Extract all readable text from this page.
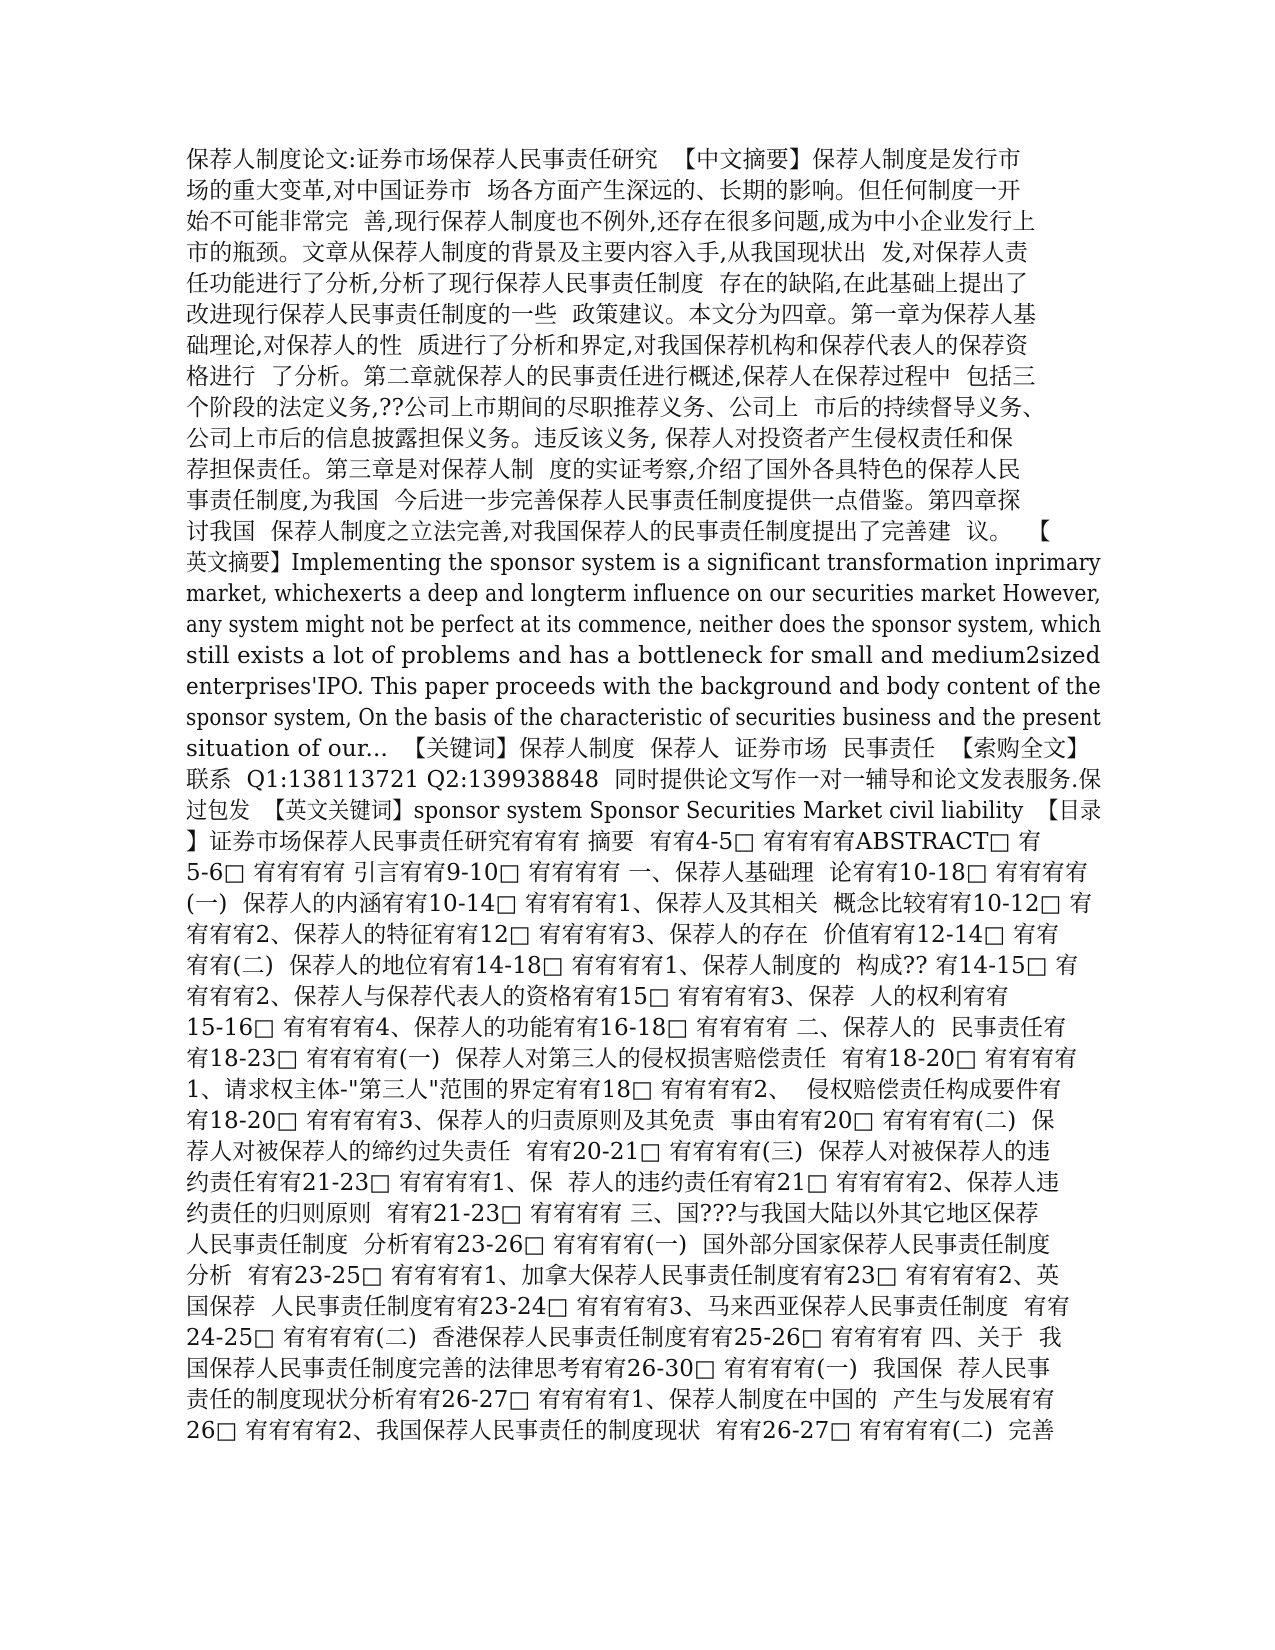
保荐人制度论文:证券市场保荐人民事责任研究  【中文摘要】保荐人制度是发行市
场的重大变革,对中国证券市  场各方面产生深远的、长期的影响。但任何制度一开
始不可能非常完  善,现行保荐人制度也不例外,还存在很多问题,成为中小企业发行上
市的瓶颈。文章从保荐人制度的背景及主要内容入手,从我国现状出  发,对保荐人责
任功能进行了分析,分析了现行保荐人民事责任制度  存在的缺陷,在此基础上提出了
改进现行保荐人民事责任制度的一些  政策建议。本文分为四章。第一章为保荐人基
础理论,对保荐人的性  质进行了分析和界定,对我国保荐机构和保荐代表人的保荐资
格进行  了分析。第二章就保荐人的民事责任进行概述,保荐人在保荐过程中  包括三
个阶段的法定义务,??公司上市期间的尽职推荐义务、公司上  市后的持续督导义务、
公司上市后的信息披露担保义务。违反该义务, 保荐人对投资者产生侵权责任和保
荐担保责任。第三章是对保荐人制  度的实证考察,介绍了国外各具特色的保荐人民
事责任制度,为我国  今后进一步完善保荐人民事责任制度提供一点借鉴。第四章探
讨我国  保荐人制度之立法完善,对我国保荐人的民事责任制度提出了完善建  议。  【
英文摘要】Implementing the sponsor system is a significant transformation inprimary
market, whichexerts a deep and longterm influence on our securities market However,
any system might not be perfect at its commence, neither does the sponsor system, which
still exists a lot of problems and has a bottleneck for small and medium2sized
enterprises'IPO. This paper proceeds with the background and body content of the
sponsor system, On the basis of the characteristic of securities business and the present
situation of our...  【关键词】保荐人制度  保荐人  证券市场  民事责任  【索购全文】
联系  Q1:138113721 Q2:139938848  同时提供论文写作一对一辅导和论文发表服务.保
过包发  【英文关键词】sponsor system Sponsor Securities Market civil liability  【目录
】证券市场保荐人民事责任研究宥宥宥 摘要  宥宥4-5□ 宥宥宥宥ABSTRACT□ 宥
5-6□ 宥宥宥宥 引言宥宥9-10□ 宥宥宥宥 一、保荐人基础理  论宥宥10-18□ 宥宥宥宥
(一)  保荐人的内涵宥宥10-14□ 宥宥宥宥1、保荐人及其相关  概念比较宥宥10-12□ 宥
宥宥宥2、保荐人的特征宥宥12□ 宥宥宥宥3、保荐人的存在  价值宥宥12-14□ 宥宥
宥宥(二)  保荐人的地位宥宥14-18□ 宥宥宥宥1、保荐人制度的  构成?? 宥14-15□ 宥
宥宥宥2、保荐人与保荐代表人的资格宥宥15□ 宥宥宥宥3、保荐  人的权利宥宥
15-16□ 宥宥宥宥4、保荐人的功能宥宥16-18□ 宥宥宥宥 二、保荐人的  民事责任宥
宥18-23□ 宥宥宥宥(一)  保荐人对第三人的侵权损害赔偿责任  宥宥18-20□ 宥宥宥宥
1、请求权主体-"第三人"范围的界定宥宥18□ 宥宥宥宥2、  侵权赔偿责任构成要件宥
宥18-20□ 宥宥宥宥3、保荐人的归责原则及其免责  事由宥宥20□ 宥宥宥宥(二)  保
荐人对被保荐人的缔约过失责任  宥宥20-21□ 宥宥宥宥(三)  保荐人对被保荐人的违
约责任宥宥21-23□ 宥宥宥宥1、保  荐人的违约责任宥宥21□ 宥宥宥宥2、保荐人违
约责任的归则原则  宥宥21-23□ 宥宥宥宥 三、国???与我国大陆以外其它地区保荐
人民事责任制度  分析宥宥23-26□ 宥宥宥宥(一)  国外部分国家保荐人民事责任制度
分析  宥宥23-25□ 宥宥宥宥1、加拿大保荐人民事责任制度宥宥23□ 宥宥宥宥2、英
国保荐  人民事责任制度宥宥23-24□ 宥宥宥宥3、马来西亚保荐人民事责任制度  宥宥
24-25□ 宥宥宥宥(二)  香港保荐人民事责任制度宥宥25-26□ 宥宥宥宥 四、关于  我
国保荐人民事责任制度完善的法律思考宥宥26-30□ 宥宥宥宥(一)  我国保  荐人民事
责任的制度现状分析宥宥26-27□ 宥宥宥宥1、保荐人制度在中国的  产生与发展宥宥
26□ 宥宥宥宥2、我国保荐人民事责任的制度现状  宥宥26-27□ 宥宥宥宥(二)  完善
